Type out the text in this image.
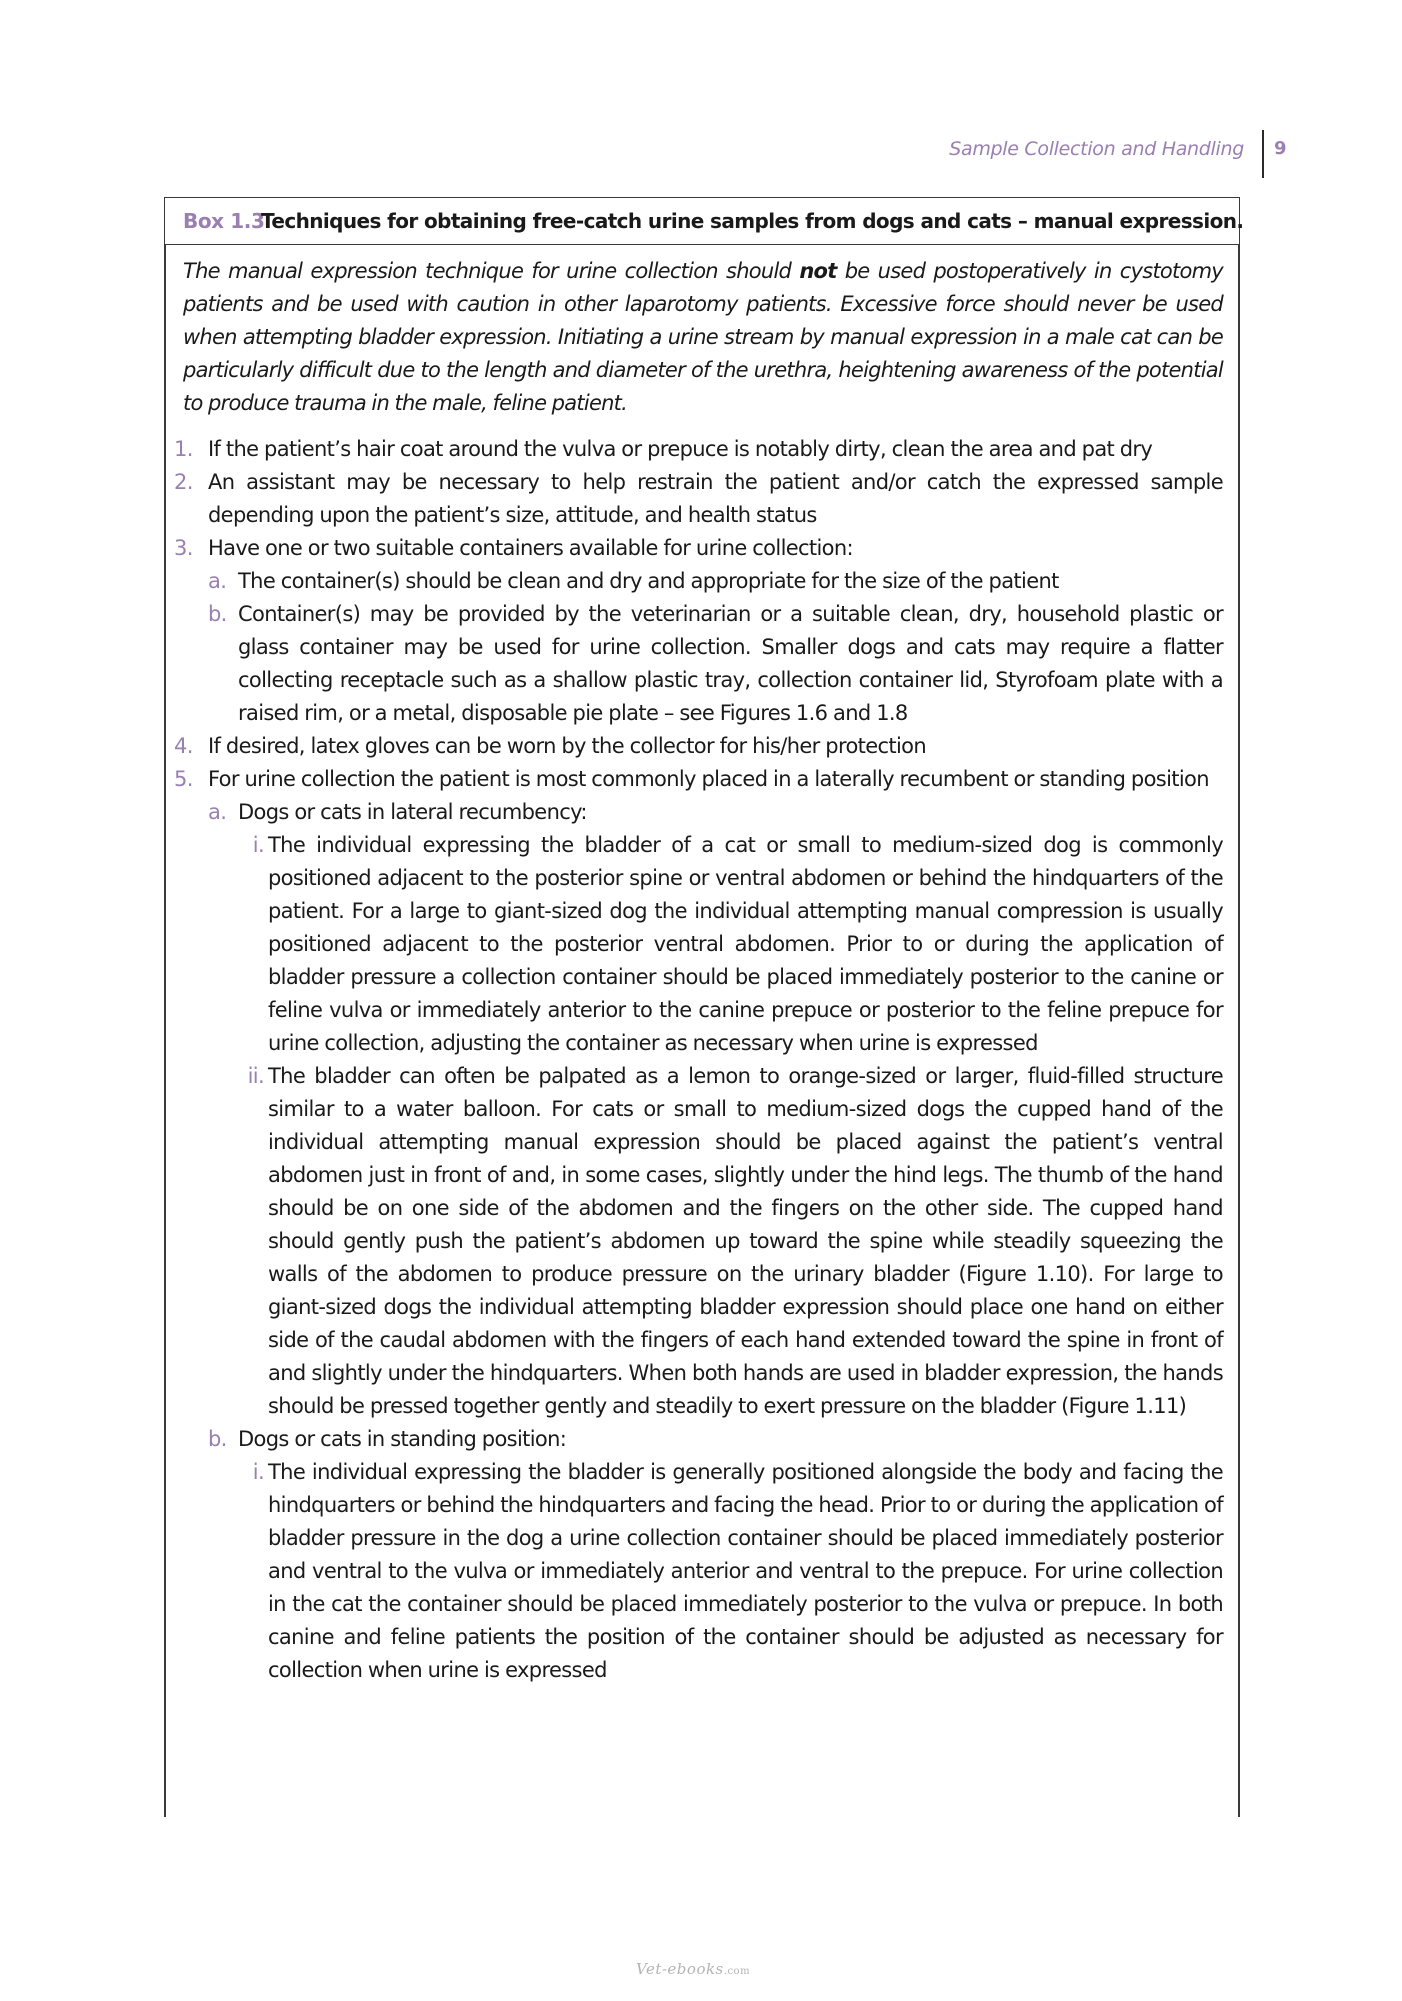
Sample Collection and Handling 9
Box 1.3
Techniques for obtaining free-catch urine samples from dogs and cats – manual expression.

The manual expression technique for urine collection should not be used postoperatively in cystotomy patients and be used with caution in other laparotomy patients. Excessive force should never be used when attempting bladder expression. Initiating a urine stream by manual expression in a male cat can be particularly difficult due to the length and diameter of the urethra, heightening awareness of the potential to produce trauma in the male, feline patient.

1. If the patient’s hair coat around the vulva or prepuce is notably dirty, clean the area and pat dry
2. An assistant may be necessary to help restrain the patient and/or catch the expressed sample depending upon the patient’s size, attitude, and health status
3. Have one or two suitable containers available for urine collection:
a. The container(s) should be clean and dry and appropriate for the size of the patient
b. Container(s) may be provided by the veterinarian or a suitable clean, dry, household plastic or glass container may be used for urine collection. Smaller dogs and cats may require a flatter collecting receptacle such as a shallow plastic tray, collection container lid, Styrofoam plate with a raised rim, or a metal, disposable pie plate – see Figures 1.6 and 1.8
4. If desired, latex gloves can be worn by the collector for his/her protection
5. For urine collection the patient is most commonly placed in a laterally recumbent or standing position
a. Dogs or cats in lateral recumbency:
i. The individual expressing the bladder of a cat or small to medium-sized dog is commonly positioned adjacent to the posterior spine or ventral abdomen or behind the hindquarters of the patient. For a large to giant-sized dog the individual attempting manual compression is usually positioned adjacent to the posterior ventral abdomen. Prior to or during the application of bladder pressure a collection container should be placed immediately posterior to the canine or feline vulva or immediately anterior to the canine prepuce or posterior to the feline prepuce for urine collection, adjusting the container as necessary when urine is expressed
ii. The bladder can often be palpated as a lemon to orange-sized or larger, fluid-filled structure similar to a water balloon. For cats or small to medium-sized dogs the cupped hand of the individual attempting manual expression should be placed against the patient’s ventral abdomen just in front of and, in some cases, slightly under the hind legs. The thumb of the hand should be on one side of the abdomen and the fingers on the other side. The cupped hand should gently push the patient’s abdomen up toward the spine while steadily squeezing the walls of the abdomen to produce pressure on the urinary bladder (Figure 1.10). For large to giant-sized dogs the individual attempting bladder expression should place one hand on either side of the caudal abdomen with the fingers of each hand extended toward the spine in front of and slightly under the hindquarters. When both hands are used in bladder expression, the hands should be pressed together gently and steadily to exert pressure on the bladder (Figure 1.11)
b. Dogs or cats in standing position:
i. The individual expressing the bladder is generally positioned alongside the body and facing the hindquarters or behind the hindquarters and facing the head. Prior to or during the application of bladder pressure in the dog a urine collection container should be placed immediately posterior and ventral to the vulva or immediately anterior and ventral to the prepuce. For urine collection in the cat the container should be placed immediately posterior to the vulva or prepuce. In both canine and feline patients the position of the container should be adjusted as necessary for collection when urine is expressed
Vet-ebooks.com
